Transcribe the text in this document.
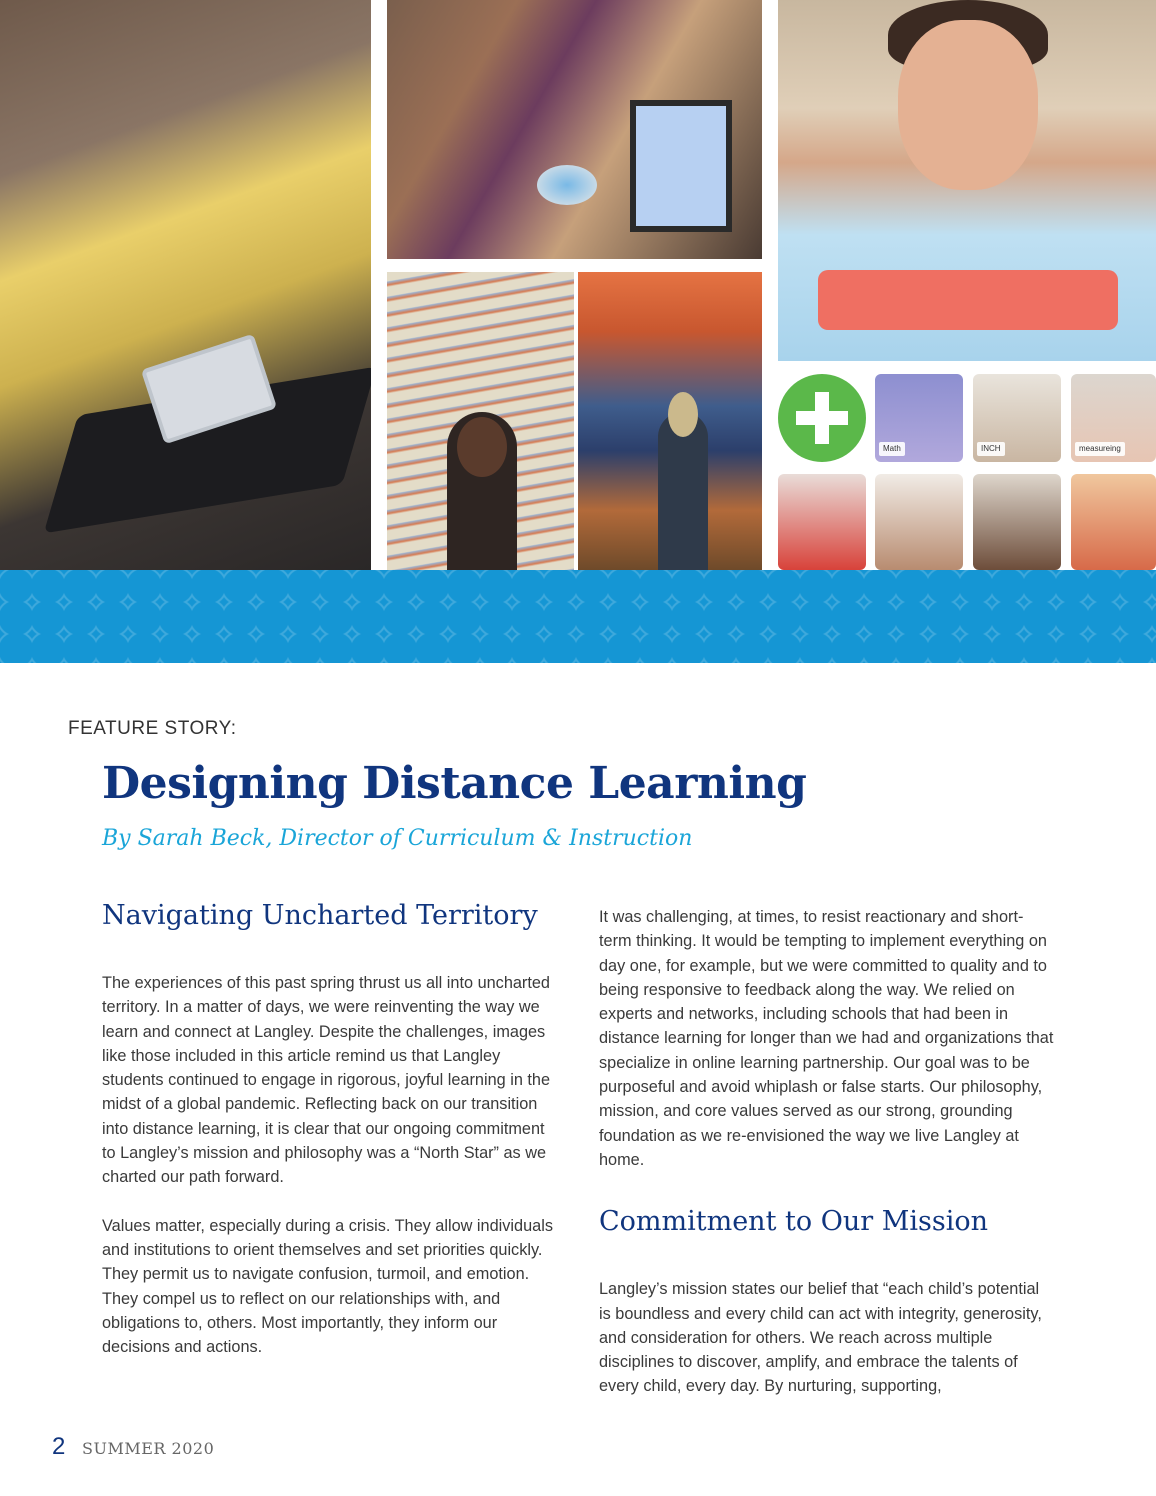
Math	INCH	measureing
FEATURE STORY:
Designing Distance Learning
By Sarah Beck, Director of Curriculum & Instruction
Navigating Uncharted Territory

The experiences of this past spring thrust us all into uncharted territory. In a matter of days, we were reinventing the way we learn and connect at Langley. Despite the challenges, images like those included in this article remind us that Langley students continued to engage in rigorous, joyful learning in the midst of a global pandemic. Reflecting back on our transition into distance learning, it is clear that our ongoing commitment to Langley’s mission and philosophy was a “North Star” as we charted our path forward.

Values matter, especially during a crisis. They allow individuals and institutions to orient themselves and set priorities quickly. They permit us to navigate confusion, turmoil, and emotion. They compel us to reflect on our relationships with, and obligations to, others. Most importantly, they inform our decisions and actions.

It was challenging, at times, to resist reactionary and short-term thinking. It would be tempting to implement everything on day one, for example, but we were committed to quality and to being responsive to feedback along the way. We relied on experts and networks, including schools that had been in distance learning for longer than we had and organizations that specialize in online learning partnership. Our goal was to be purposeful and avoid whiplash or false starts. Our philosophy, mission, and core values served as our strong, grounding foundation as we re-envisioned the way we live Langley at home.

Commitment to Our Mission

Langley’s mission states our belief that “each child’s potential is boundless and every child can act with integrity, generosity, and consideration for others. We reach across multiple disciplines to discover, amplify, and embrace the talents of every child, every day. By nurturing, supporting,

2 SUMMER 2020
